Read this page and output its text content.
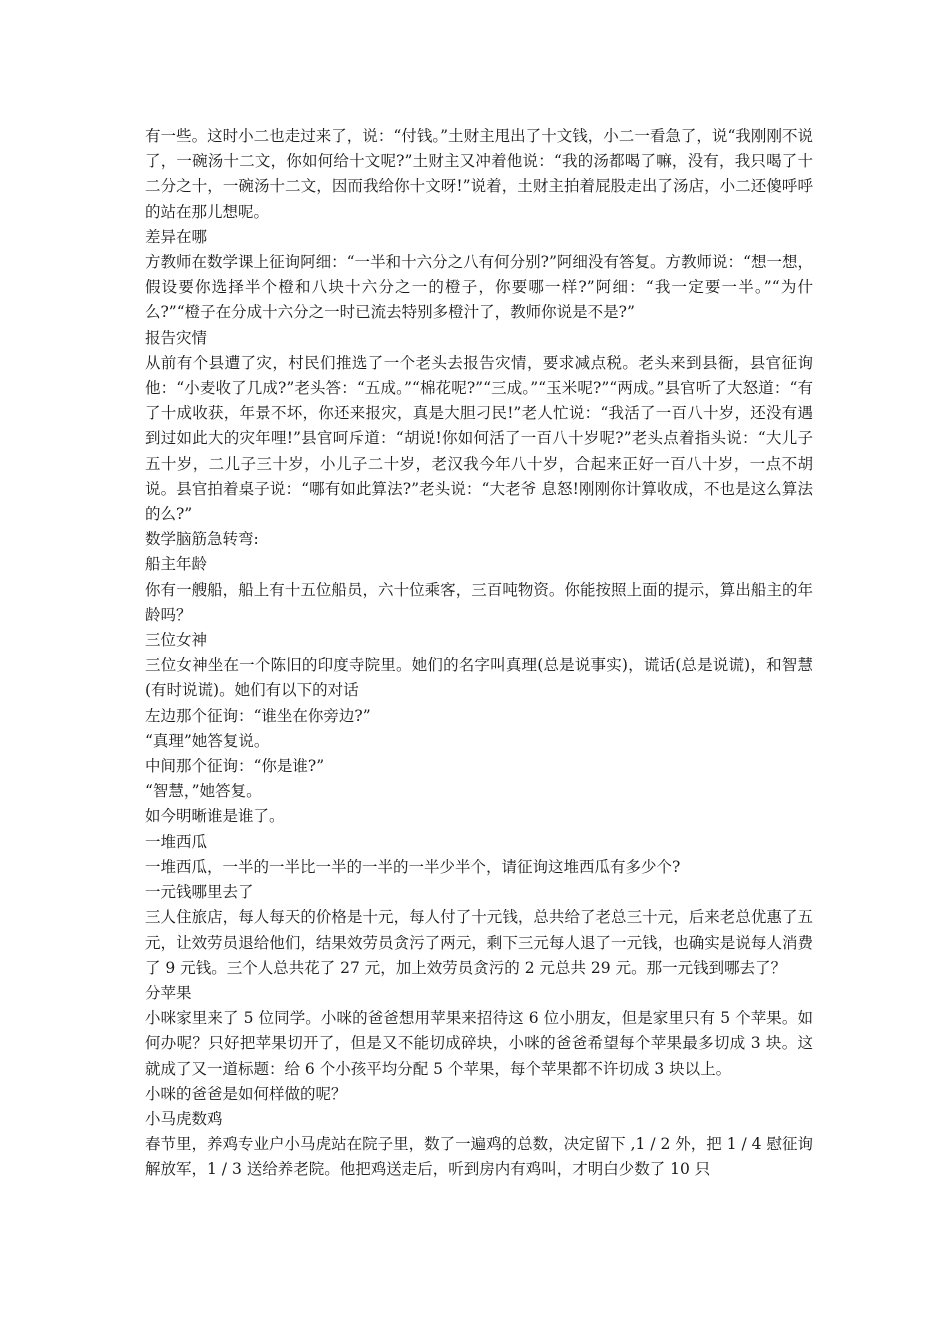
有一些。这时小二也走过来了，说：“付钱。”土财主甩出了十文钱，小二一看急了，说“我刚刚不说了，一碗汤十二文，你如何给十文呢?”土财主又冲着他说：“我的汤都喝了嘛，没有，我只喝了十二分之十，一碗汤十二文，因而我给你十文呀!”说着，土财主拍着屁股走出了汤店，小二还傻呼呼的站在那儿想呢。

差异在哪

方教师在数学课上征询阿细：“一半和十六分之八有何分别?”阿细没有答复。方教师说：“想一想，假设要你选择半个橙和八块十六分之一的橙子，你要哪一样?”阿细：“我一定要一半。”“为什么?”“橙子在分成十六分之一时已流去特别多橙汁了，教师你说是不是?”

报告灾情

从前有个县遭了灾，村民们推选了一个老头去报告灾情，要求减点税。老头来到县衙，县官征询他：“小麦收了几成?”老头答：“五成。”“棉花呢?”“三成。”“玉米呢?”“两成。”县官听了大怒道：“有了十成收获，年景不坏，你还来报灾，真是大胆刁民!”老人忙说：“我活了一百八十岁，还没有遇到过如此大的灾年哩!”县官呵斥道：“胡说!你如何活了一百八十岁呢?”老头点着指头说：“大儿子五十岁，二儿子三十岁，小儿子二十岁，老汉我今年八十岁，合起来正好一百八十岁，一点不胡说。县官拍着桌子说：“哪有如此算法?”老头说：“大老爷 息怒!刚刚你计算收成，不也是这么算法的么?”

数学脑筋急转弯:

船主年龄

你有一艘船，船上有十五位船员，六十位乘客，三百吨物资。你能按照上面的提示，算出船主的年龄吗？

三位女神

三位女神坐在一个陈旧的印度寺院里。她们的名字叫真理(总是说事实)，谎话(总是说谎)，和智慧(有时说谎)。她们有以下的对话

左边那个征询：“谁坐在你旁边?”

“真理”她答复说。

中间那个征询：“你是谁?”

“智慧，”她答复。

如今明晰谁是谁了。

一堆西瓜

一堆西瓜，一半的一半比一半的一半的一半少半个，请征询这堆西瓜有多少个?

一元钱哪里去了

三人住旅店，每人每天的价格是十元，每人付了十元钱，总共给了老总三十元，后来老总优惠了五元，让效劳员退给他们，结果效劳员贪污了两元，剩下三元每人退了一元钱，也确实是说每人消费了 9 元钱。三个人总共花了 27 元，加上效劳员贪污的 2 元总共 29 元。那一元钱到哪去了？

分苹果

小咪家里来了 5 位同学。小咪的爸爸想用苹果来招待这 6 位小朋友，但是家里只有 5 个苹果。如何办呢？只好把苹果切开了，但是又不能切成碎块，小咪的爸爸希望每个苹果最多切成 3 块。这就成了又一道标题：给 6 个小孩平均分配 5 个苹果，每个苹果都不许切成 3 块以上。

小咪的爸爸是如何样做的呢？

小马虎数鸡

春节里，养鸡专业户小马虎站在院子里，数了一遍鸡的总数，决定留下 ,1 / 2 外，把 1 / 4 慰征询解放军，1 / 3 送给养老院。他把鸡送走后，听到房内有鸡叫，才明白少数了 10 只
